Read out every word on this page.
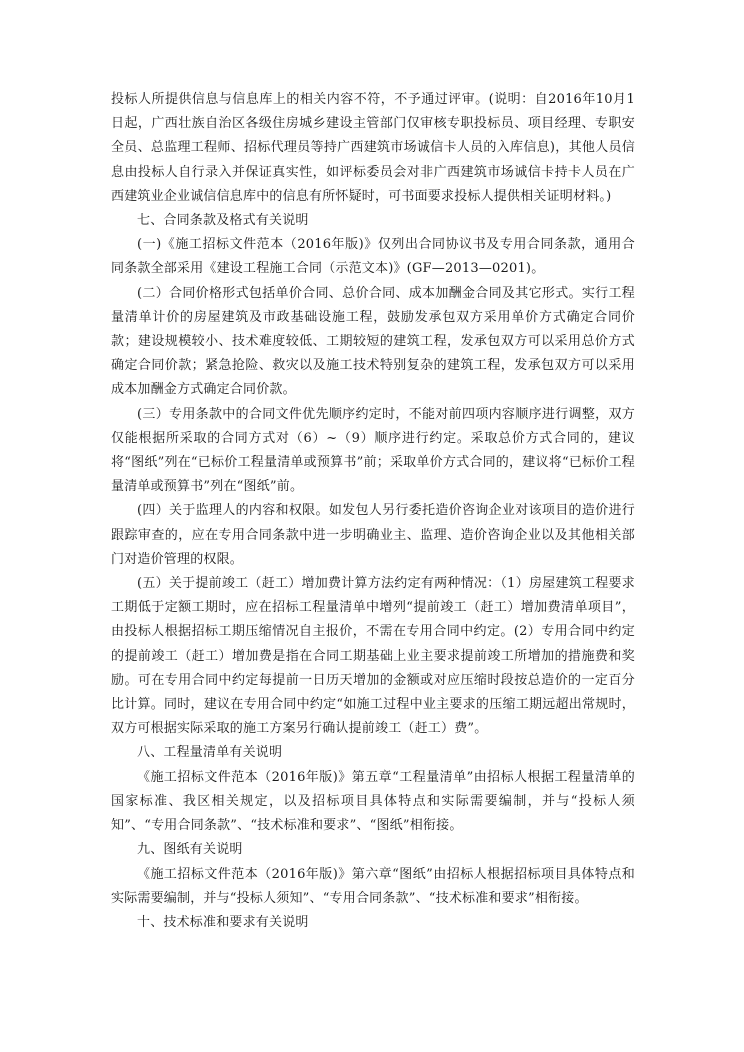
投标人所提供信息与信息库上的相关内容不符，不予通过评审。(说明：自2016年10月1日起，广西壮族自治区各级住房城乡建设主管部门仅审核专职投标员、项目经理、专职安全员、总监理工程师、招标代理员等持广西建筑市场诚信卡人员的入库信息)，其他人员信息由投标人自行录入并保证真实性，如评标委员会对非广西建筑市场诚信卡持卡人员在广西建筑业企业诚信信息库中的信息有所怀疑时，可书面要求投标人提供相关证明材料。)

七、合同条款及格式有关说明

(一)《施工招标文件范本（2016年版)》仅列出合同协议书及专用合同条款，通用合同条款全部采用《建设工程施工合同（示范文本)》(GF—2013—0201)。

(二）合同价格形式包括单价合同、总价合同、成本加酬金合同及其它形式。实行工程量清单计价的房屋建筑及市政基础设施工程，鼓励发承包双方采用单价方式确定合同价款；建设规模较小、技术难度较低、工期较短的建筑工程，发承包双方可以采用总价方式确定合同价款；紧急抢险、救灾以及施工技术特别复杂的建筑工程，发承包双方可以采用成本加酬金方式确定合同价款。

(三）专用条款中的合同文件优先顺序约定时，不能对前四项内容顺序进行调整，双方仅能根据所采取的合同方式对（6）~（9）顺序进行约定。采取总价方式合同的，建议将“图纸”列在“已标价工程量清单或预算书”前；采取单价方式合同的，建议将“已标价工程量清单或预算书”列在“图纸”前。

(四）关于监理人的内容和权限。如发包人另行委托造价咨询企业对该项目的造价进行跟踪审查的，应在专用合同条款中进一步明确业主、监理、造价咨询企业以及其他相关部门对造价管理的权限。

(五）关于提前竣工（赶工）增加费计算方法约定有两种情况：（1）房屋建筑工程要求工期低于定额工期时，应在招标工程量清单中增列“提前竣工（赶工）增加费清单项目”，由投标人根据招标工期压缩情况自主报价，不需在专用合同中约定。(2）专用合同中约定的提前竣工（赶工）增加费是指在合同工期基础上业主要求提前竣工所增加的措施费和奖励。可在专用合同中约定每提前一日历天增加的金额或对应压缩时段按总造价的一定百分比计算。同时，建议在专用合同中约定“如施工过程中业主要求的压缩工期远超出常规时，双方可根据实际采取的施工方案另行确认提前竣工（赶工）费”。

八、工程量清单有关说明

《施工招标文件范本（2016年版)》第五章“工程量清单”由招标人根据工程量清单的国家标准、我区相关规定，以及招标项目具体特点和实际需要编制，并与“投标人须知”、“专用合同条款”、“技术标准和要求”、“图纸”相衔接。

九、图纸有关说明

《施工招标文件范本（2016年版)》第六章“图纸”由招标人根据招标项目具体特点和实际需要编制，并与“投标人须知”、“专用合同条款”、“技术标准和要求”相衔接。

十、技术标准和要求有关说明
